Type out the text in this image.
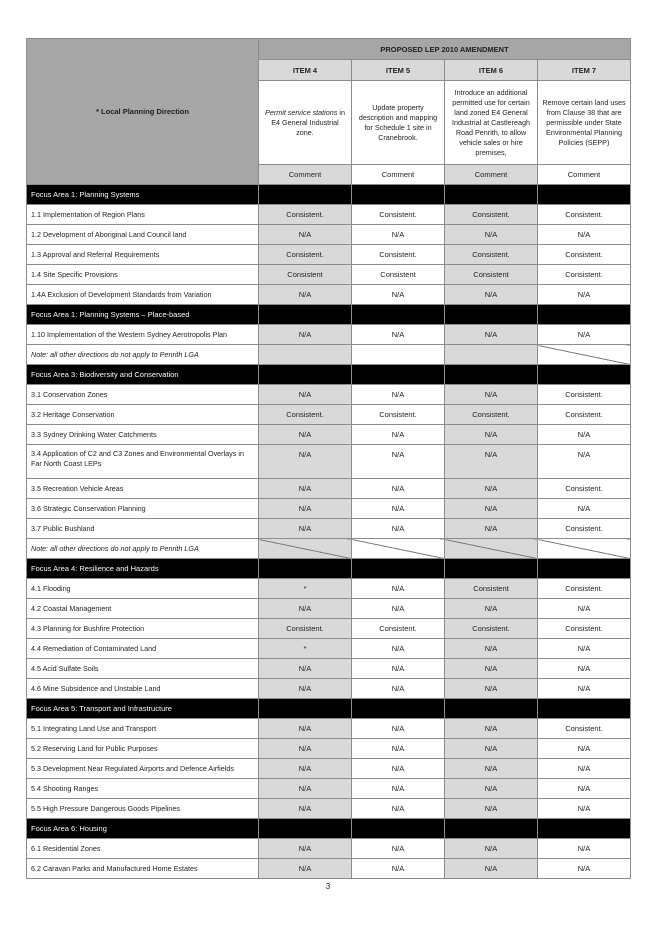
* Local Planning Direction	PROPOSED LEP 2010 AMENDMENT			
	ITEM 4	ITEM 5	ITEM 6	ITEM 7
	Permit service stations in E4 General Industrial zone.	Update property description and mapping for Schedule 1 site in Cranebrook.	Introduce an additional permitted use for certain land zoned E4 General Industrial at Castlereagh Road Penrith, to allow vehicle sales or hire premises,	Remove certain land uses from Clause 38 that are permissible under State Environmental Planning Policies (SEPP)
	Comment	Comment	Comment	Comment
Focus Area 1: Planning Systems				
1.1 Implementation of Region Plans	Consistent.	Consistent.	Consistent.	Consistent.
1.2 Development of Aboriginal Land Council land	N/A	N/A	N/A	N/A
1.3 Approval and Referral Requirements	Consistent.	Consistent.	Consistent.	Consistent.
1.4 Site Specific Provisions	Consistent	Consistent	Consistent	Consistent.
1.4A Exclusion of Development Standards from Variation	N/A	N/A	N/A	N/A
Focus Area 1: Planning Systems – Place-based				
1.10 Implementation of the Western Sydney Aerotropolis Plan	N/A	N/A	N/A	N/A
Note: all other directions do not apply to Penrith LGA				
Focus Area 3: Biodiversity and Conservation				
3.1 Conservation Zones	N/A	N/A	N/A	Consistent.
3.2 Heritage Conservation	Consistent.	Consistent.	Consistent.	Consistent.
3.3 Sydney Drinking Water Catchments	N/A	N/A	N/A	N/A
3.4 Application of C2 and C3 Zones and Environmental Overlays in Far North Coast LEPs	N/A	N/A	N/A	N/A
3.5 Recreation Vehicle Areas	N/A	N/A	N/A	Consistent.
3.6 Strategic Conservation Planning	N/A	N/A	N/A	N/A
3.7 Public Bushland	N/A	N/A	N/A	Consistent.
Note: all other directions do not apply to Penrith LGA				
Focus Area 4: Resilience and Hazards				
4.1 Flooding	*	N/A	Consistent	Consistent.
4.2 Coastal Management	N/A	N/A	N/A	N/A
4.3 Planning for Bushfire Protection	Consistent.	Consistent.	Consistent.	Consistent.
4.4 Remediation of Contaminated Land	*	N/A	N/A	N/A
4.5 Acid Sulfate Soils	N/A	N/A	N/A	N/A
4.6 Mine Subsidence and Unstable Land	N/A	N/A	N/A	N/A
Focus Area 5: Transport and Infrastructure				
5.1 Integrating Land Use and Transport	N/A	N/A	N/A	Consistent.
5.2 Reserving Land for Public Purposes	N/A	N/A	N/A	N/A
5.3 Development Near Regulated Airports and Defence Airfields	N/A	N/A	N/A	N/A
5.4 Shooting Ranges	N/A	N/A	N/A	N/A
5.5 High Pressure Dangerous Goods Pipelines	N/A	N/A	N/A	N/A
Focus Area 6: Housing				
6.1 Residential Zones	N/A	N/A	N/A	N/A
6.2 Caravan Parks and Manufactured Home Estates	N/A	N/A	N/A	N/A
3
